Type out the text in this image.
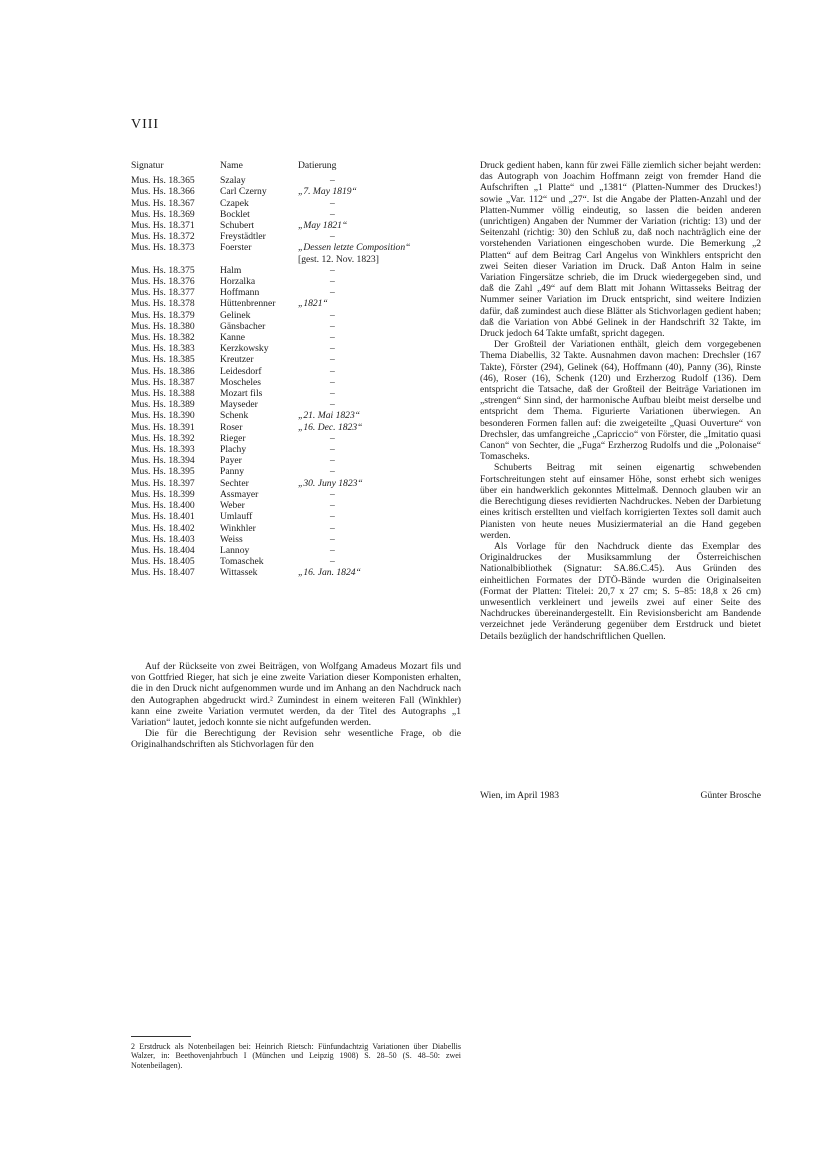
VIII
Signatur	Name	Datierung
Mus. Hs. 18.365	Szalay	–
Mus. Hs. 18.366	Carl Czerny	„7. May 1819“
Mus. Hs. 18.367	Czapek	–
Mus. Hs. 18.369	Bocklet	–
Mus. Hs. 18.371	Schubert	„May 1821“
Mus. Hs. 18.372	Freystädtler	–
Mus. Hs. 18.373	Foerster	„Dessen letzte Composition“
[gest. 12. Nov. 1823]
Mus. Hs. 18.375	Halm	–
Mus. Hs. 18.376	Horzalka	–
Mus. Hs. 18.377	Hoffmann	–
Mus. Hs. 18.378	Hüttenbrenner	„1821“
Mus. Hs. 18.379	Gelinek	–
Mus. Hs. 18.380	Gänsbacher	–
Mus. Hs. 18.382	Kanne	–
Mus. Hs. 18.383	Kerzkowsky	–
Mus. Hs. 18.385	Kreutzer	–
Mus. Hs. 18.386	Leidesdorf	–
Mus. Hs. 18.387	Moscheles	–
Mus. Hs. 18.388	Mozart fils	–
Mus. Hs. 18.389	Mayseder	–
Mus. Hs. 18.390	Schenk	„21. Mai 1823“
Mus. Hs. 18.391	Roser	„16. Dec. 1823“
Mus. Hs. 18.392	Rieger	–
Mus. Hs. 18.393	Plachy	–
Mus. Hs. 18.394	Payer	–
Mus. Hs. 18.395	Panny	–
Mus. Hs. 18.397	Sechter	„30. Juny 1823“
Mus. Hs. 18.399	Assmayer	–
Mus. Hs. 18.400	Weber	–
Mus. Hs. 18.401	Umlauff	–
Mus. Hs. 18.402	Winkhler	–
Mus. Hs. 18.403	Weiss	–
Mus. Hs. 18.404	Lannoy	–
Mus. Hs. 18.405	Tomaschek	–
Mus. Hs. 18.407	Wittassek	„16. Jan. 1824“

Auf der Rückseite von zwei Beiträgen, von Wolfgang Amadeus Mozart fils und von Gottfried Rieger, hat sich je eine zweite Variation dieser Komponisten erhalten, die in den Druck nicht aufgenommen wurde und im Anhang an den Nachdruck nach den Autographen abgedruckt wird.² Zumindest in einem weiteren Fall (Winkhler) kann eine zweite Variation vermutet werden, da der Titel des Autographs „1 Variation“ lautet, jedoch konnte sie nicht aufgefunden werden.

Die für die Berechtigung der Revision sehr wesentliche Frage, ob die Originalhandschriften als Stichvorlagen für den

Druck gedient haben, kann für zwei Fälle ziemlich sicher bejaht werden: das Autograph von Joachim Hoffmann zeigt von fremder Hand die Aufschriften „1 Platte“ und „1381“ (Platten-Nummer des Druckes!) sowie „Var. 112“ und „27“. Ist die Angabe der Platten-Anzahl und der Platten-Nummer völlig eindeutig, so lassen die beiden anderen (unrichtigen) Angaben der Nummer der Variation (richtig: 13) und der Seitenzahl (richtig: 30) den Schluß zu, daß noch nachträglich eine der vorstehenden Variationen eingeschoben wurde. Die Bemerkung „2 Platten“ auf dem Beitrag Carl Angelus von Winkhlers entspricht den zwei Seiten dieser Variation im Druck. Daß Anton Halm in seine Variation Fingersätze schrieb, die im Druck wiedergegeben sind, und daß die Zahl „49“ auf dem Blatt mit Johann Wittasseks Beitrag der Nummer seiner Variation im Druck entspricht, sind weitere Indizien dafür, daß zumindest auch diese Blätter als Stichvorlagen gedient haben; daß die Variation von Abbé Gelinek in der Handschrift 32 Takte, im Druck jedoch 64 Takte umfaßt, spricht dagegen.

Der Großteil der Variationen enthält, gleich dem vorgegebenen Thema Diabellis, 32 Takte. Ausnahmen davon machen: Drechsler (167 Takte), Förster (294), Gelinek (64), Hoffmann (40), Panny (36), Rinste (46), Roser (16), Schenk (120) und Erzherzog Rudolf (136). Dem entspricht die Tatsache, daß der Großteil der Beiträge Variationen im „strengen“ Sinn sind, der harmonische Aufbau bleibt meist derselbe und entspricht dem Thema. Figurierte Variationen überwiegen. An besonderen Formen fallen auf: die zweigeteilte „Quasi Ouverture“ von Drechsler, das umfangreiche „Capriccio“ von Förster, die „Imitatio quasi Canon“ von Sechter, die „Fuga“ Erzherzog Rudolfs und die „Polonaise“ Tomascheks.

Schuberts Beitrag mit seinen eigenartig schwebenden Fortschreitungen steht auf einsamer Höhe, sonst erhebt sich weniges über ein handwerklich gekonntes Mittelmaß. Dennoch glauben wir an die Berechtigung dieses revidierten Nachdruckes. Neben der Darbietung eines kritisch erstellten und vielfach korrigierten Textes soll damit auch Pianisten von heute neues Musiziermaterial an die Hand gegeben werden.

Als Vorlage für den Nachdruck diente das Exemplar des Originaldruckes der Musiksammlung der Österreichischen Nationalbibliothek (Signatur: SA.86.C.45). Aus Gründen des einheitlichen Formates der DTÖ-Bände wurden die Originalseiten (Format der Platten: Titelei: 20,7 x 27 cm; S. 5–85: 18,8 x 26 cm) unwesentlich verkleinert und jeweils zwei auf einer Seite des Nachdruckes übereinandergestellt. Ein Revisionsbericht am Bandende verzeichnet jede Veränderung gegenüber dem Erstdruck und bietet Details bezüglich der handschriftlichen Quellen.

Wien, im April 1983	Günter Brosche
2 Erstdruck als Notenbeilagen bei: Heinrich Rietsch: Fünfundachtzig Variationen über Diabellis Walzer, in: Beethovenjahrbuch I (München und Leipzig 1908) S. 28–50 (S. 48–50: zwei Notenbeilagen).
